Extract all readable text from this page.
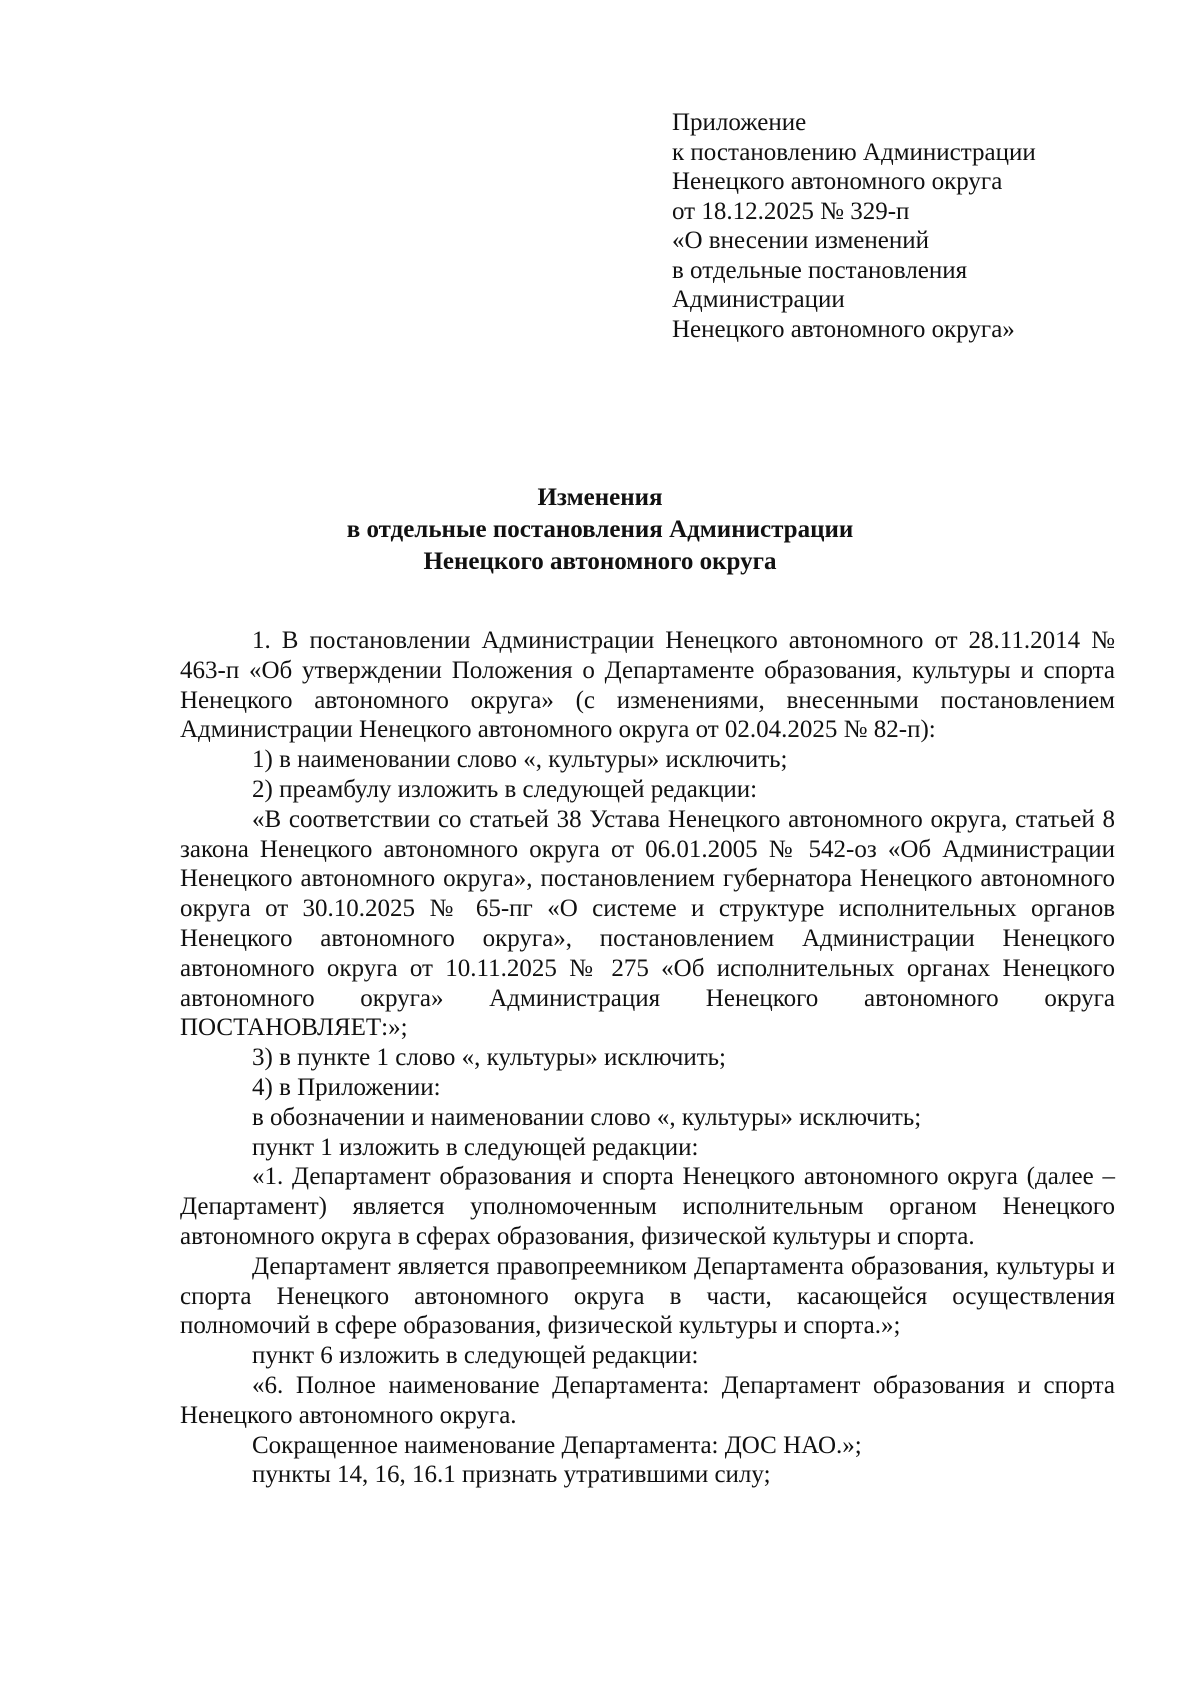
Приложение
к постановлению Администрации
Ненецкого автономного округа
от 18.12.2025 № 329-п
«О внесении изменений
в отдельные постановления
Администрации
Ненецкого автономного округа»
Изменения
в отдельные постановления Администрации
Ненецкого автономного округа

1. В постановлении Администрации Ненецкого автономного от 28.11.2014 № 463-п «Об утверждении Положения о Департаменте образования, культуры и спорта Ненецкого автономного округа» (с изменениями, внесенными постановлением Администрации Ненецкого автономного округа от 02.04.2025 № 82-п):

1) в наименовании слово «, культуры» исключить;

2) преамбулу изложить в следующей редакции:

«В соответствии со статьей 38 Устава Ненецкого автономного округа, статьей 8 закона Ненецкого автономного округа от 06.01.2005 № 542-оз «Об Администрации Ненецкого автономного округа», постановлением губернатора Ненецкого автономного округа от 30.10.2025 № 65-пг «О системе и структуре исполнительных органов Ненецкого автономного округа», постановлением Администрации Ненецкого автономного округа от 10.11.2025 № 275 «Об исполнительных органах Ненецкого автономного округа» Администрация Ненецкого автономного округа ПОСТАНОВЛЯЕТ:»;

3) в пункте 1 слово «, культуры» исключить;

4) в Приложении:

в обозначении и наименовании слово «, культуры» исключить;

пункт 1 изложить в следующей редакции:

«1. Департамент образования и спорта Ненецкого автономного округа (далее – Департамент) является уполномоченным исполнительным органом Ненецкого автономного округа в сферах образования, физической культуры и спорта.

Департамент является правопреемником Департамента образования, культуры и спорта Ненецкого автономного округа в части, касающейся осуществления полномочий в сфере образования, физической культуры и спорта.»;

пункт 6 изложить в следующей редакции:

«6. Полное наименование Департамента: Департамент образования и спорта Ненецкого автономного округа.

Сокращенное наименование Департамента: ДОС НАО.»;

пункты 14, 16, 16.1 признать утратившими силу;
